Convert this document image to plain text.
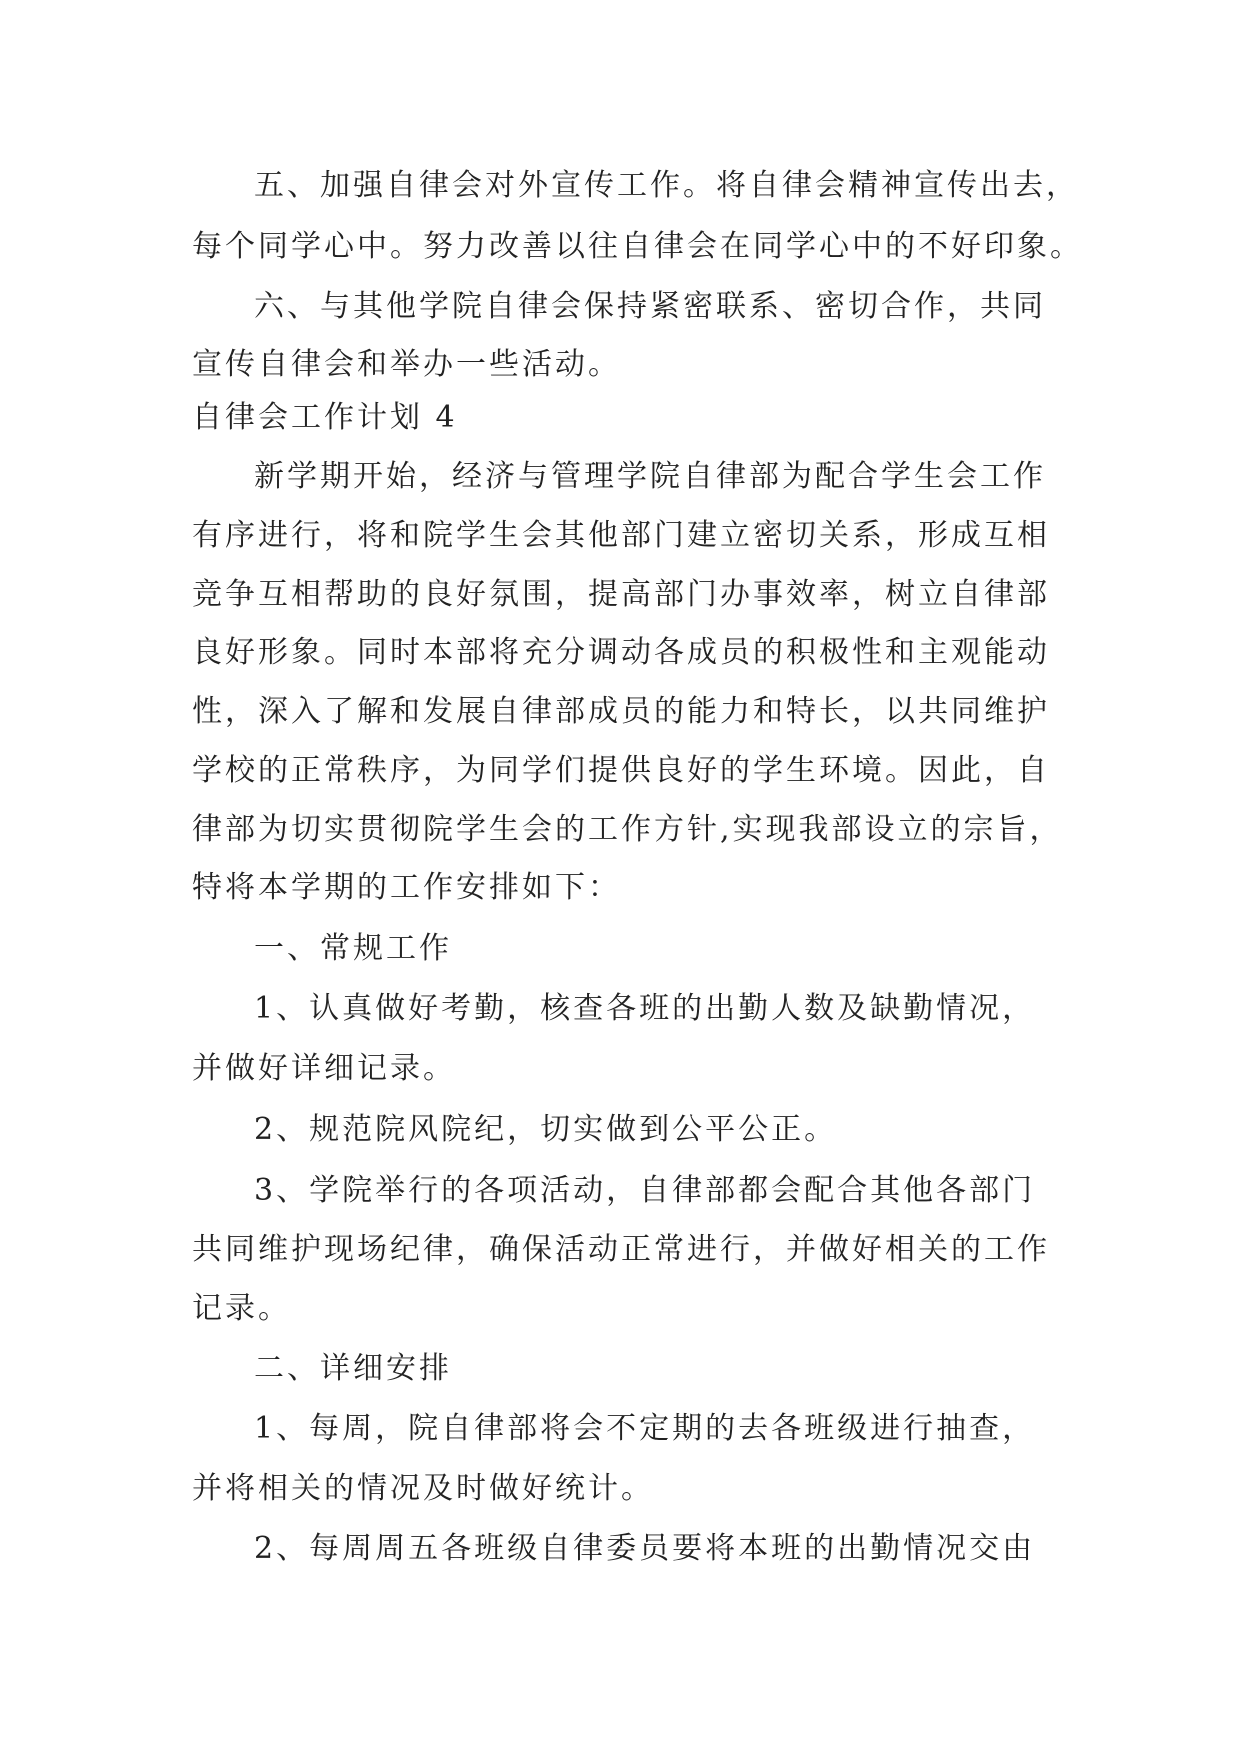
五、加强自律会对外宣传工作。将自律会精神宣传出去，
每个同学心中。努力改善以往自律会在同学心中的不好印象。
六、与其他学院自律会保持紧密联系、密切合作，共同
宣传自律会和举办一些活动。
自律会工作计划 4
新学期开始，经济与管理学院自律部为配合学生会工作
有序进行，将和院学生会其他部门建立密切关系，形成互相
竞争互相帮助的良好氛围，提高部门办事效率，树立自律部
良好形象。同时本部将充分调动各成员的积极性和主观能动
性，深入了解和发展自律部成员的能力和特长，以共同维护
学校的正常秩序，为同学们提供良好的学生环境。因此，自
律部为切实贯彻院学生会的工作方针,实现我部设立的宗旨，
特将本学期的工作安排如下：
一、常规工作
1、认真做好考勤，核查各班的出勤人数及缺勤情况，
并做好详细记录。
2、规范院风院纪，切实做到公平公正。
3、学院举行的各项活动，自律部都会配合其他各部门
共同维护现场纪律，确保活动正常进行，并做好相关的工作
记录。
二、详细安排
1、每周，院自律部将会不定期的去各班级进行抽查，
并将相关的情况及时做好统计。
2、每周周五各班级自律委员要将本班的出勤情况交由
